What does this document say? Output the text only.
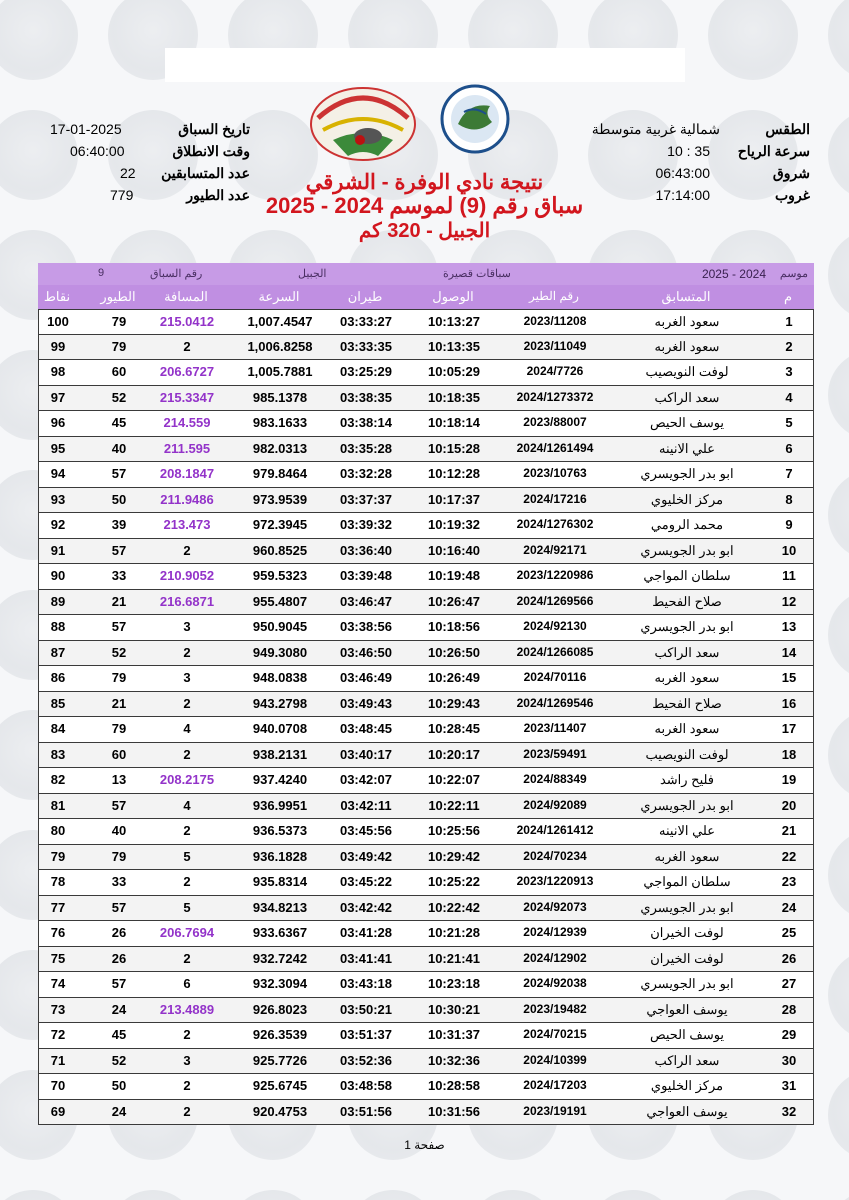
الطقس
شمالية غربية متوسطة
سرعة الرياح
10 : 35
شروق
06:43:00
غروب
17:14:00
تاريخ السباق
17-01-2025
وقت الانطلاق
06:40:00
عدد المتسابقين
22
عدد الطيور
779
نتيجة نادي الوفرة - الشرقي
سباق رقم (9) لموسم 2024 - 2025
الجبيل - 320 كم
موسم
2025 - 2024
سباقات قصيرة
الجبيل
رقم السباق
9
نقاط	الطيور	المسافة	السرعة	طيران	الوصول	رقم الطير	المتسابق	م
100	79	215.0412	1,007.4547	03:33:27	10:13:27	2023/11208	سعود الغربه	1
99	79	2	1,006.8258	03:33:35	10:13:35	2023/11049	سعود الغربه	2
98	60	206.6727	1,005.7881	03:25:29	10:05:29	2024/7726	لوفت النويصيب	3
97	52	215.3347	985.1378	03:38:35	10:18:35	2024/1273372	سعد الراكب	4
96	45	214.559	983.1633	03:38:14	10:18:14	2023/88007	يوسف الحيص	5
95	40	211.595	982.0313	03:35:28	10:15:28	2024/1261494	علي الانينه	6
94	57	208.1847	979.8464	03:32:28	10:12:28	2023/10763	ابو بدر الجويسري	7
93	50	211.9486	973.9539	03:37:37	10:17:37	2024/17216	مركز الخليوي	8
92	39	213.473	972.3945	03:39:32	10:19:32	2024/1276302	محمد الرومي	9
91	57	2	960.8525	03:36:40	10:16:40	2024/92171	ابو بدر الجويسري	10
90	33	210.9052	959.5323	03:39:48	10:19:48	2023/1220986	سلطان المواجي	11
89	21	216.6871	955.4807	03:46:47	10:26:47	2024/1269566	صلاح الفحيط	12
88	57	3	950.9045	03:38:56	10:18:56	2024/92130	ابو بدر الجويسري	13
87	52	2	949.3080	03:46:50	10:26:50	2024/1266085	سعد الراكب	14
86	79	3	948.0838	03:46:49	10:26:49	2024/70116	سعود الغربه	15
85	21	2	943.2798	03:49:43	10:29:43	2024/1269546	صلاح الفحيط	16
84	79	4	940.0708	03:48:45	10:28:45	2023/11407	سعود الغربه	17
83	60	2	938.2131	03:40:17	10:20:17	2023/59491	لوفت النويصيب	18
82	13	208.2175	937.4240	03:42:07	10:22:07	2024/88349	فليح راشد	19
81	57	4	936.9951	03:42:11	10:22:11	2024/92089	ابو بدر الجويسري	20
80	40	2	936.5373	03:45:56	10:25:56	2024/1261412	علي الانينه	21
79	79	5	936.1828	03:49:42	10:29:42	2024/70234	سعود الغربه	22
78	33	2	935.8314	03:45:22	10:25:22	2023/1220913	سلطان المواجي	23
77	57	5	934.8213	03:42:42	10:22:42	2024/92073	ابو بدر الجويسري	24
76	26	206.7694	933.6367	03:41:28	10:21:28	2024/12939	لوفت الخيران	25
75	26	2	932.7242	03:41:41	10:21:41	2024/12902	لوفت الخيران	26
74	57	6	932.3094	03:43:18	10:23:18	2024/92038	ابو بدر الجويسري	27
73	24	213.4889	926.8023	03:50:21	10:30:21	2023/19482	يوسف العواجي	28
72	45	2	926.3539	03:51:37	10:31:37	2024/70215	يوسف الحيص	29
71	52	3	925.7726	03:52:36	10:32:36	2024/10399	سعد الراكب	30
70	50	2	925.6745	03:48:58	10:28:58	2024/17203	مركز الخليوي	31
69	24	2	920.4753	03:51:56	10:31:56	2023/19191	يوسف العواجي	32
صفحة 1
